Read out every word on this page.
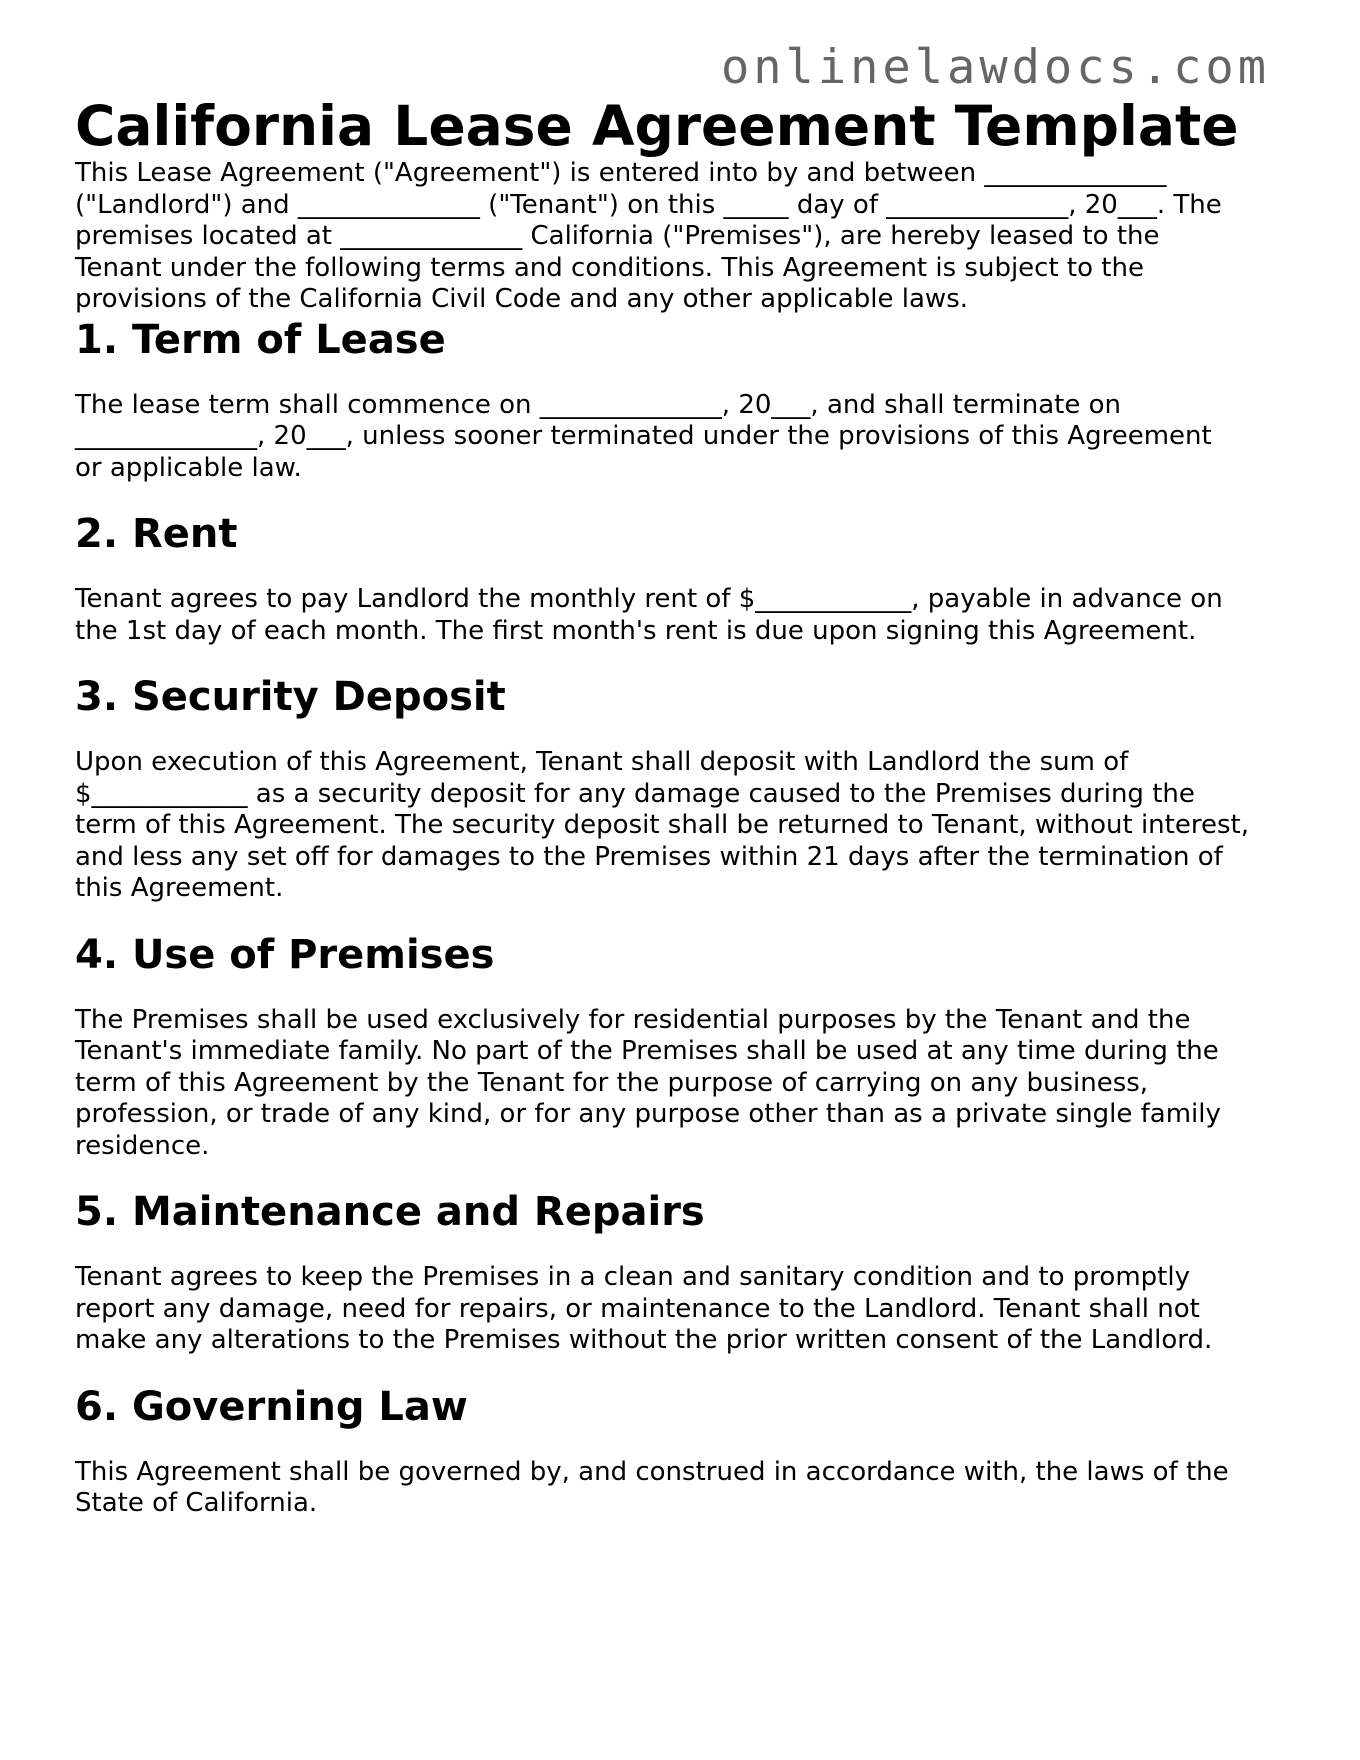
onlinelawdocs.com
California Lease Agreement Template

This Lease Agreement ("Agreement") is entered into by and between ______________
("Landlord") and ______________ ("Tenant") on this _____ day of ______________, 20___. The
premises located at ______________ California ("Premises"), are hereby leased to the
Tenant under the following terms and conditions. This Agreement is subject to the
provisions of the California Civil Code and any other applicable laws.

1. Term of Lease

The lease term shall commence on ______________, 20___, and shall terminate on
______________, 20___, unless sooner terminated under the provisions of this Agreement
or applicable law.

2. Rent

Tenant agrees to pay Landlord the monthly rent of $____________, payable in advance on
the 1st day of each month. The first month's rent is due upon signing this Agreement.

3. Security Deposit

Upon execution of this Agreement, Tenant shall deposit with Landlord the sum of
$____________ as a security deposit for any damage caused to the Premises during the
term of this Agreement. The security deposit shall be returned to Tenant, without interest,
and less any set off for damages to the Premises within 21 days after the termination of
this Agreement.

4. Use of Premises

The Premises shall be used exclusively for residential purposes by the Tenant and the
Tenant's immediate family. No part of the Premises shall be used at any time during the
term of this Agreement by the Tenant for the purpose of carrying on any business,
profession, or trade of any kind, or for any purpose other than as a private single family
residence.

5. Maintenance and Repairs

Tenant agrees to keep the Premises in a clean and sanitary condition and to promptly
report any damage, need for repairs, or maintenance to the Landlord. Tenant shall not
make any alterations to the Premises without the prior written consent of the Landlord.

6. Governing Law

This Agreement shall be governed by, and construed in accordance with, the laws of the
State of California.
